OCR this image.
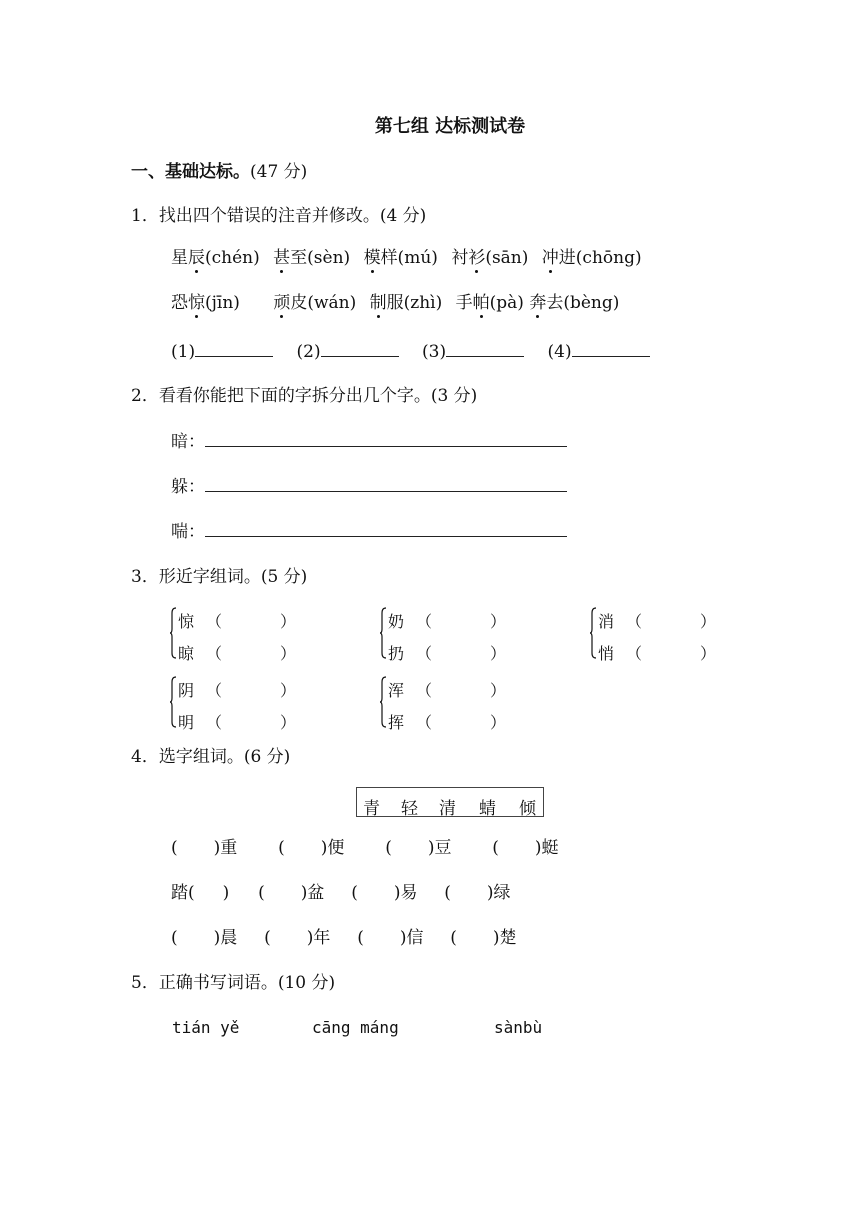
第七组 达标测试卷
一、基础达标。(47 分)
1．找出四个错误的注音并修改。(4 分)
星辰(chén) 甚至(sèn) 模样(mú) 衬衫(sān) 冲进(chōng)
恐惊(jīn) 顽皮(wán) 制服(zhì) 手帕(pà) 奔去(bèng)
(1)	(2)	(3)	(4)
2．看看你能把下面的字拆分出几个字。(3 分)
暗：
躲：
喘：
3．形近字组词。(5 分)
惊 （	）
晾 （	）
奶 （	）
扔 （	）
消 （	）
悄 （	）
阴 （	）
明 （	）
浑 （	）
挥 （	）
4．选字组词。(6 分)
青 轻 清 蜻 倾
( )重 ( )便 ( )豆 ( )蜓
踏( ) ( )盆 ( )易 ( )绿
( )晨 ( )年 ( )信 ( )楚
5．正确书写词语。(10 分)
tián yě	cāng máng	sànbù
